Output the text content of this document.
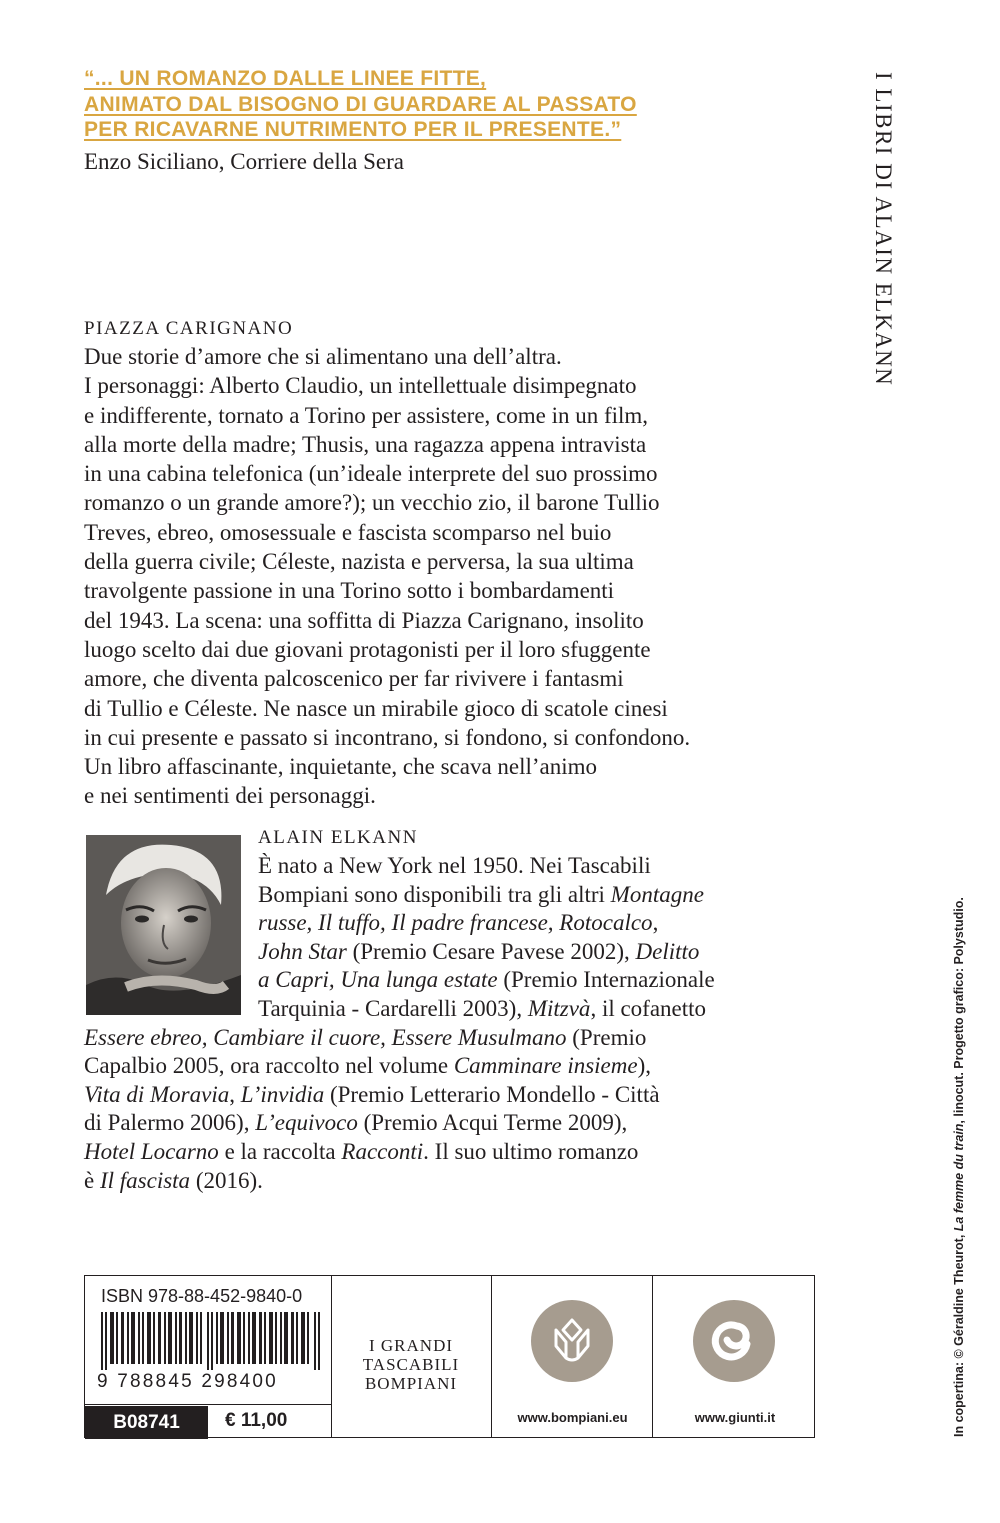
“... UN ROMANZO DALLE LINEE FITTE,
ANIMATO DAL BISOGNO DI GUARDARE AL PASSATO
PER RICAVARNE NUTRIMENTO PER IL PRESENTE.”
Enzo Siciliano, Corriere della Sera	I LIBRI DI ALAIN ELKANN
PIAZZA CARIGNANO
Due storie d’amore che si alimentano una dell’altra.
I personaggi: Alberto Claudio, un intellettuale disimpegnato
e indifferente, tornato a Torino per assistere, come in un film,
alla morte della madre; Thusis, una ragazza appena intravista
in una cabina telefonica (un’ideale interprete del suo prossimo
romanzo o un grande amore?); un vecchio zio, il barone Tullio
Treves, ebreo, omosessuale e fascista scomparso nel buio
della guerra civile; Céleste, nazista e perversa, la sua ultima
travolgente passione in una Torino sotto i bombardamenti
del 1943. La scena: una soffitta di Piazza Carignano, insolito
luogo scelto dai due giovani protagonisti per il loro sfuggente
amore, che diventa palcoscenico per far rivivere i fantasmi
di Tullio e Céleste. Ne nasce un mirabile gioco di scatole cinesi
in cui presente e passato si incontrano, si fondono, si confondono.
Un libro affascinante, inquietante, che scava nell’animo
e nei sentimenti dei personaggi.
ALAIN ELKANN
È nato a New York nel 1950. Nei Tascabili
Bompiani sono disponibili tra gli altri Montagne
russe, Il tuffo, Il padre francese, Rotocalco,
John Star (Premio Cesare Pavese 2002), Delitto
a Capri, Una lunga estate (Premio Internazionale
Tarquinia - Cardarelli 2003), Mitzvà, il cofanetto
Essere ebreo, Cambiare il cuore, Essere Musulmano (Premio
Capalbio 2005, ora raccolto nel volume Camminare insieme),
Vita di Moravia, L’invidia (Premio Letterario Mondello - Città
di Palermo 2006), L’equivoco (Premio Acqui Terme 2009),
Hotel Locarno e la raccolta Racconti. Il suo ultimo romanzo
è Il fascista (2016).
In copertina: © Géraldine Theurot, La femme du train, linocut. Progetto grafico: Polystudio.
ISBN 978-88-452-9840-0
9 788845 298400
B08741	€ 11,00
I GRANDI
TASCABILI
BOMPIANI
www.bompiani.eu	www.giunti.it
